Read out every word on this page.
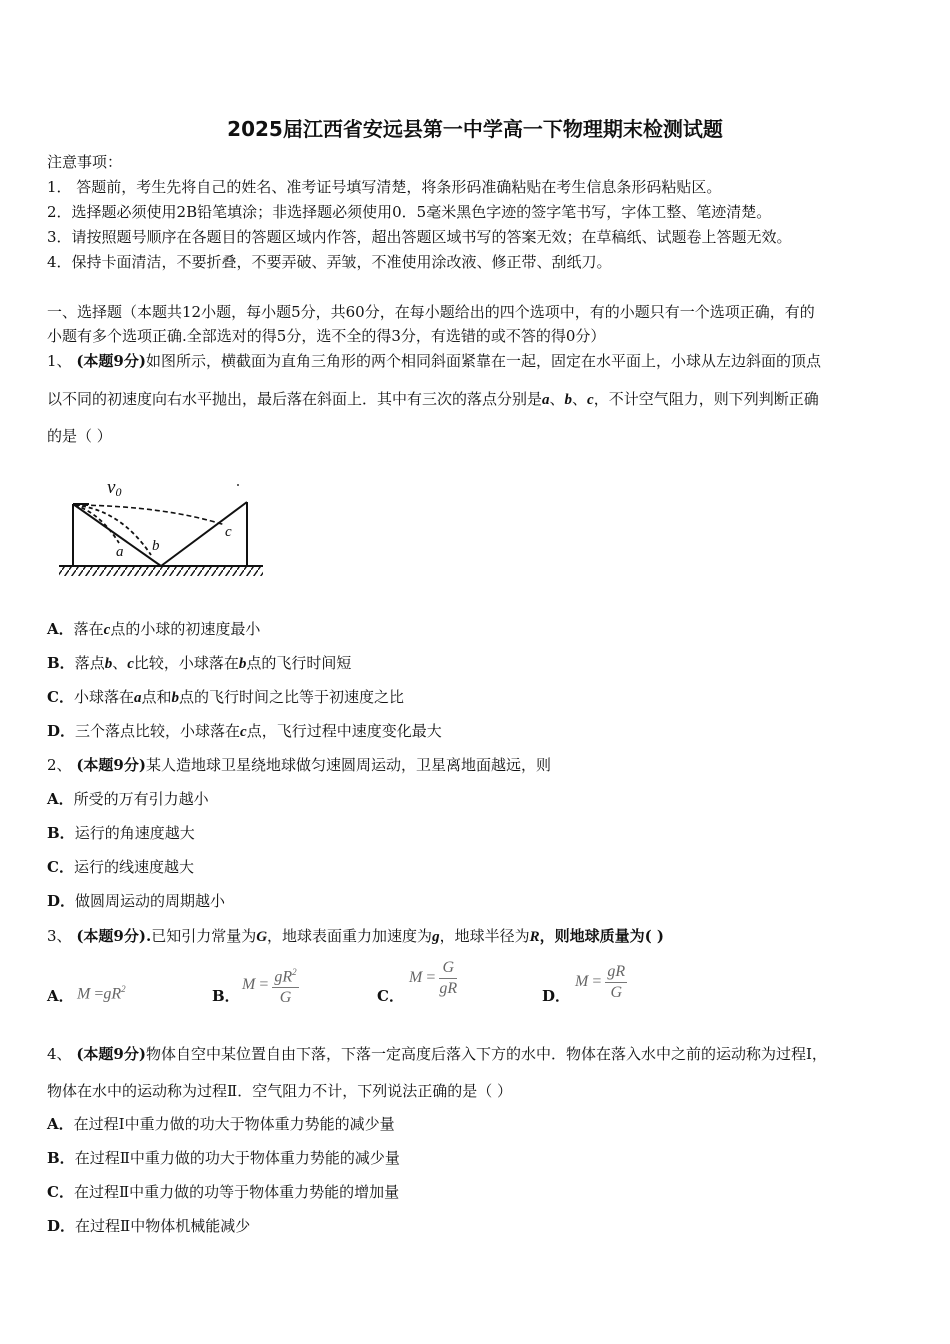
2025届江西省安远县第一中学高一下物理期末检测试题
注意事项：
1． 答题前，考生先将自己的姓名、准考证号填写清楚，将条形码准确粘贴在考生信息条形码粘贴区。
2．选择题必须使用2B铅笔填涂；非选择题必须使用0．5毫米黑色字迹的签字笔书写，字体工整、笔迹清楚。
3．请按照题号顺序在各题目的答题区域内作答，超出答题区域书写的答案无效；在草稿纸、试题卷上答题无效。
4．保持卡面清洁，不要折叠，不要弄破、弄皱，不准使用涂改液、修正带、刮纸刀。
一、选择题（本题共12小题，每小题5分，共60分，在每小题给出的四个选项中，有的小题只有一个选项正确，有的
小题有多个选项正确.全部选对的得5分，选不全的得3分，有选错的或不答的得0分）
1、 (本题9分)如图所示，横截面为直角三角形的两个相同斜面紧靠在一起，固定在水平面上，小球从左边斜面的顶点
以不同的初速度向右水平抛出，最后落在斜面上．其中有三次的落点分别是a、b、c，不计空气阻力，则下列判断正确
的是（ ）
v0
a b
c
A．落在c点的小球的初速度最小
B．落点b、c比较，小球落在b点的飞行时间短
C．小球落在a点和b点的飞行时间之比等于初速度之比
D．三个落点比较，小球落在c点，飞行过程中速度变化最大
2、 (本题9分)某人造地球卫星绕地球做匀速圆周运动，卫星离地面越远，则
A．所受的万有引力越小
B．运行的角速度越大
C．运行的线速度越大
D．做圆周运动的周期越小
3、 (本题9分).已知引力常量为G，地球表面重力加速度为g，地球半径为R，则地球质量为( )
A． $M =gR^2$	B．
$M = \frac{gR^2}{G}$	C．
$M = \frac{G}{gR}$	D．
$M = \frac{gR}{G}$
4、 (本题9分)物体自空中某位置自由下落，下落一定高度后落入下方的水中．物体在落入水中之前的运动称为过程Ⅰ，
物体在水中的运动称为过程Ⅱ．空气阻力不计，下列说法正确的是（ ）
A．在过程Ⅰ中重力做的功大于物体重力势能的减少量
B．在过程Ⅱ中重力做的功大于物体重力势能的减少量
C．在过程Ⅱ中重力做的功等于物体重力势能的增加量
D．在过程Ⅱ中物体机械能减少
